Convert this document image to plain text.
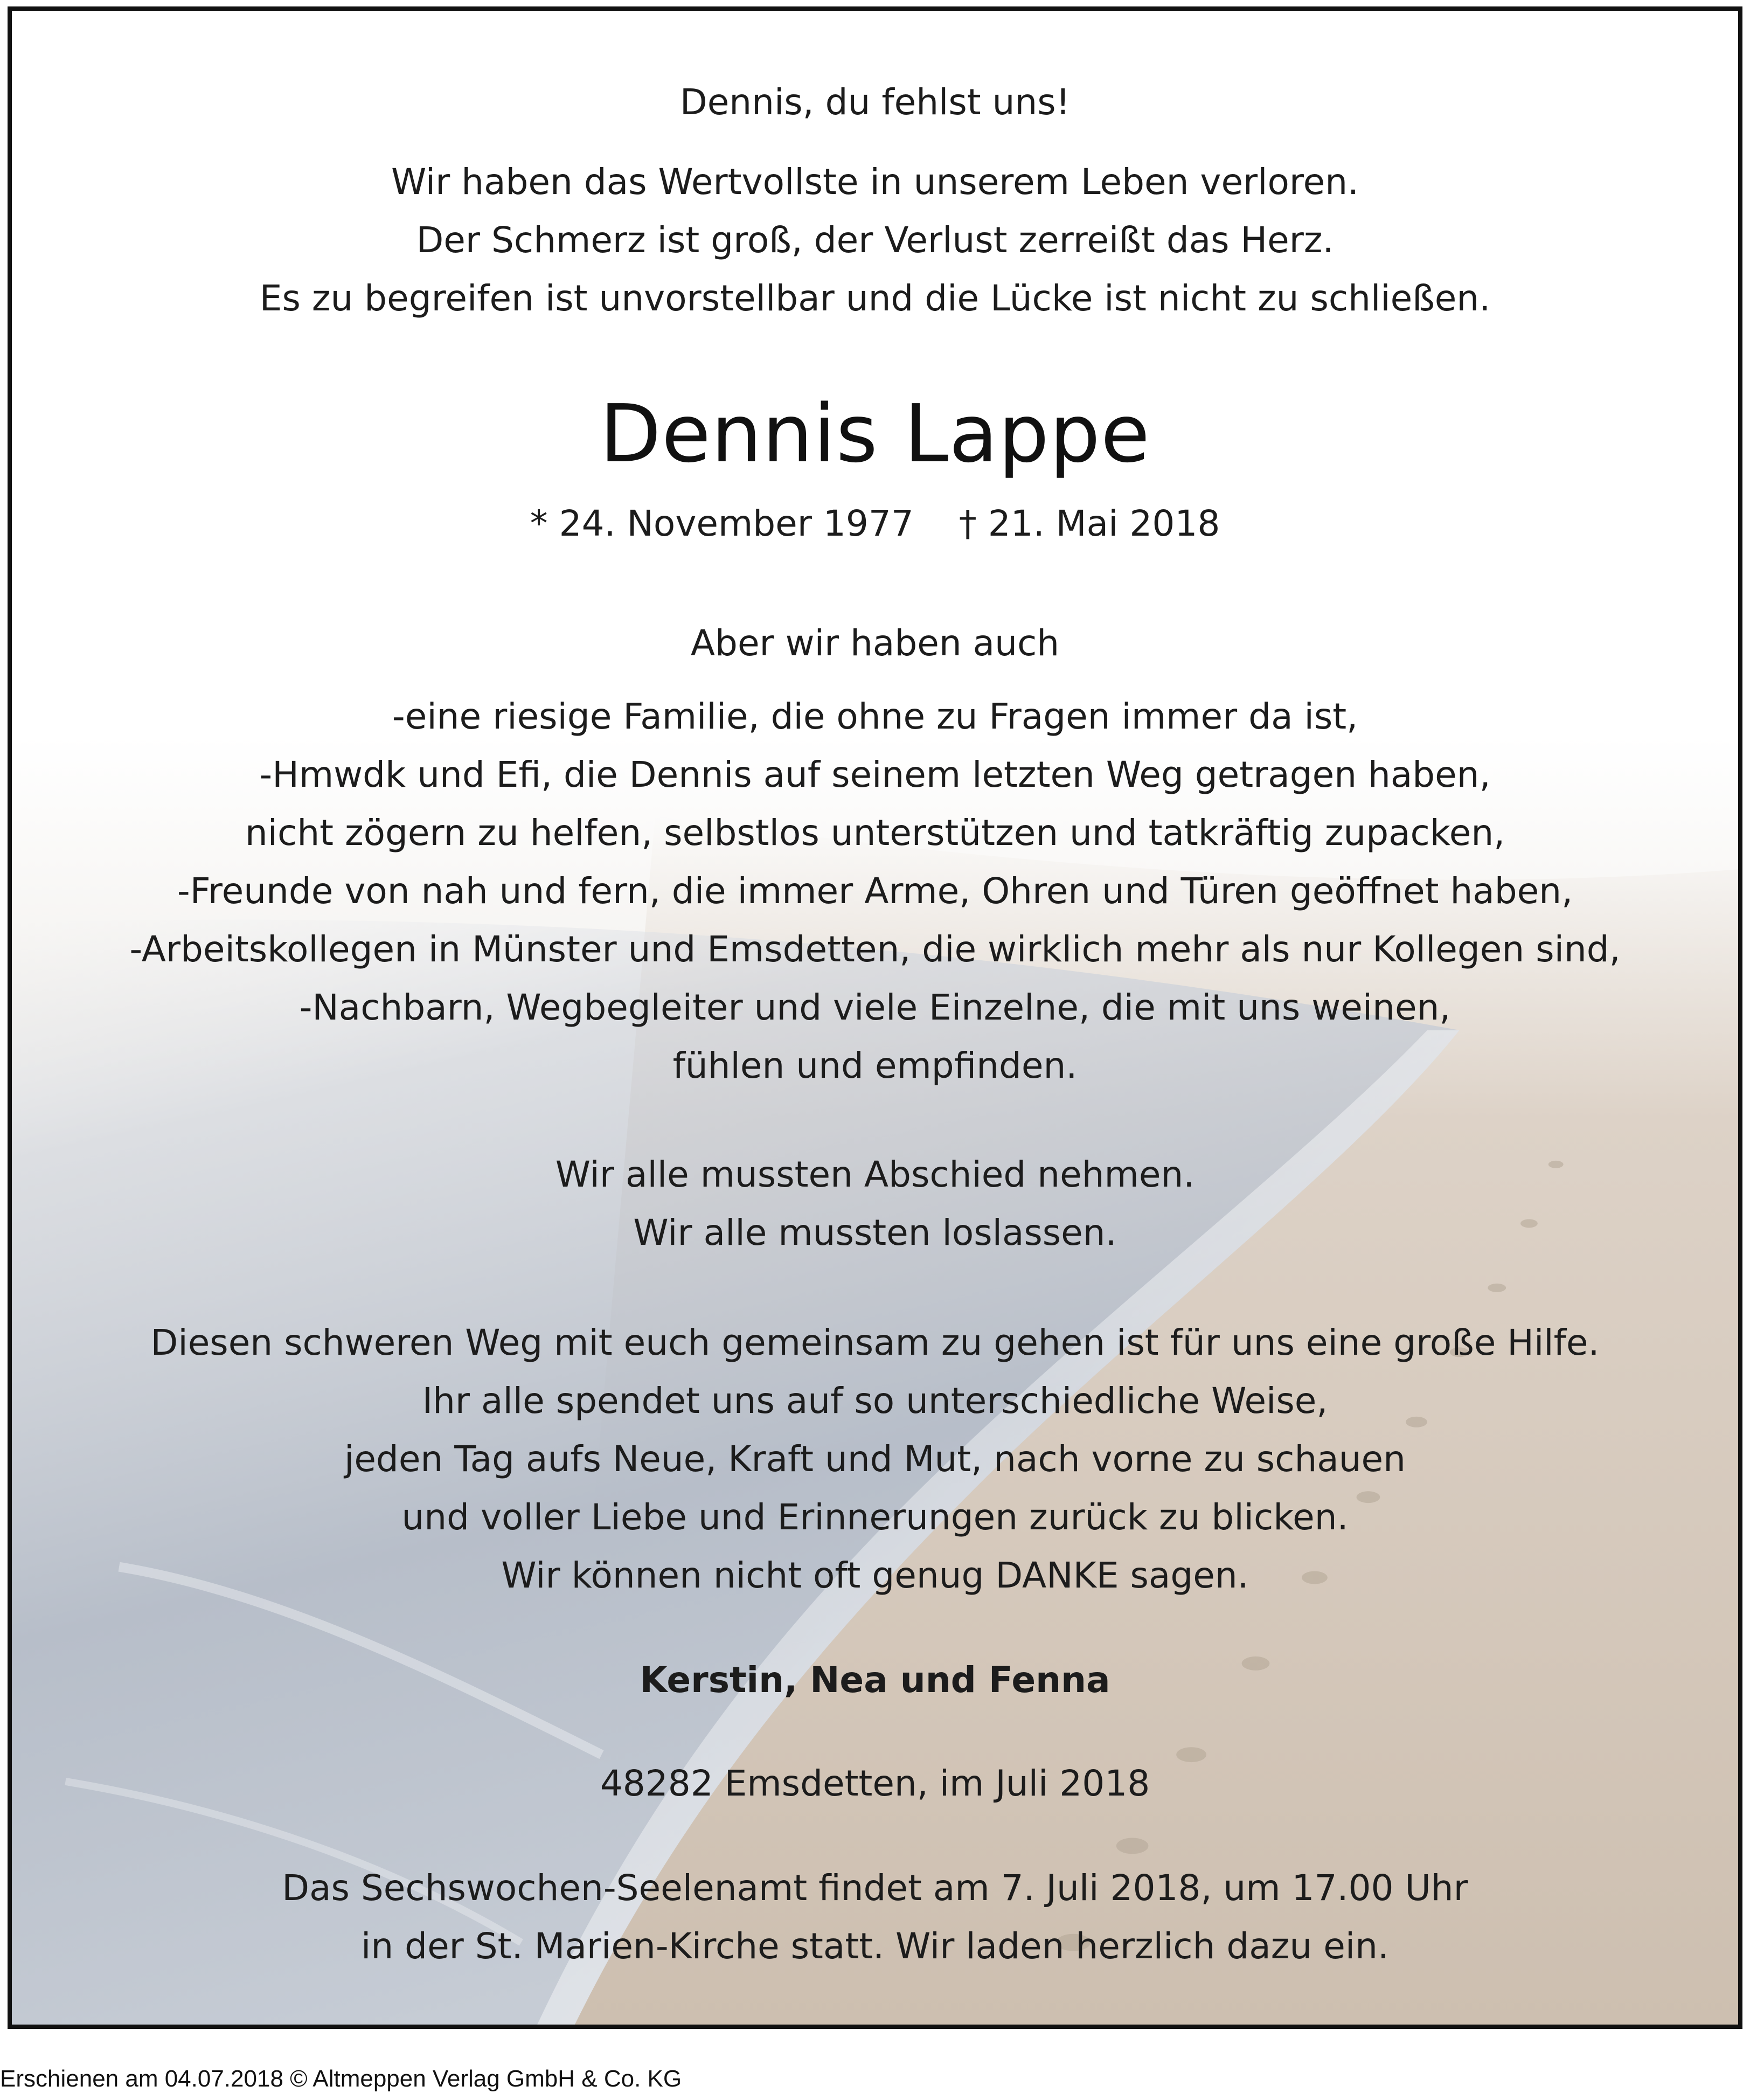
Dennis, du fehlst uns!
Wir haben das Wertvollste in unserem Leben verloren.
Der Schmerz ist groß, der Verlust zerreißt das Herz.
Es zu begreifen ist unvorstellbar und die Lücke ist nicht zu schließen.
Dennis Lappe
* 24. November 1977    † 21. Mai 2018
Aber wir haben auch
-eine riesige Familie, die ohne zu Fragen immer da ist,
-Hmwdk und Efi, die Dennis auf seinem letzten Weg getragen haben,
nicht zögern zu helfen, selbstlos unterstützen und tatkräftig zupacken,
-Freunde von nah und fern, die immer Arme, Ohren und Türen geöffnet haben,
-Arbeitskollegen in Münster und Emsdetten, die wirklich mehr als nur Kollegen sind,
-Nachbarn, Wegbegleiter und viele Einzelne, die mit uns weinen,
fühlen und empfinden.
Wir alle mussten Abschied nehmen.
Wir alle mussten loslassen.
Diesen schweren Weg mit euch gemeinsam zu gehen ist für uns eine große Hilfe.
Ihr alle spendet uns auf so unterschiedliche Weise,
jeden Tag aufs Neue, Kraft und Mut, nach vorne zu schauen
und voller Liebe und Erinnerungen zurück zu blicken.
Wir können nicht oft genug DANKE sagen.
Kerstin, Nea und Fenna
48282 Emsdetten, im Juli 2018
Das Sechswochen-Seelenamt findet am 7. Juli 2018, um 17.00 Uhr
in der St. Marien-Kirche statt. Wir laden herzlich dazu ein.
Erschienen am 04.07.2018 © Altmeppen Verlag GmbH & Co. KG
